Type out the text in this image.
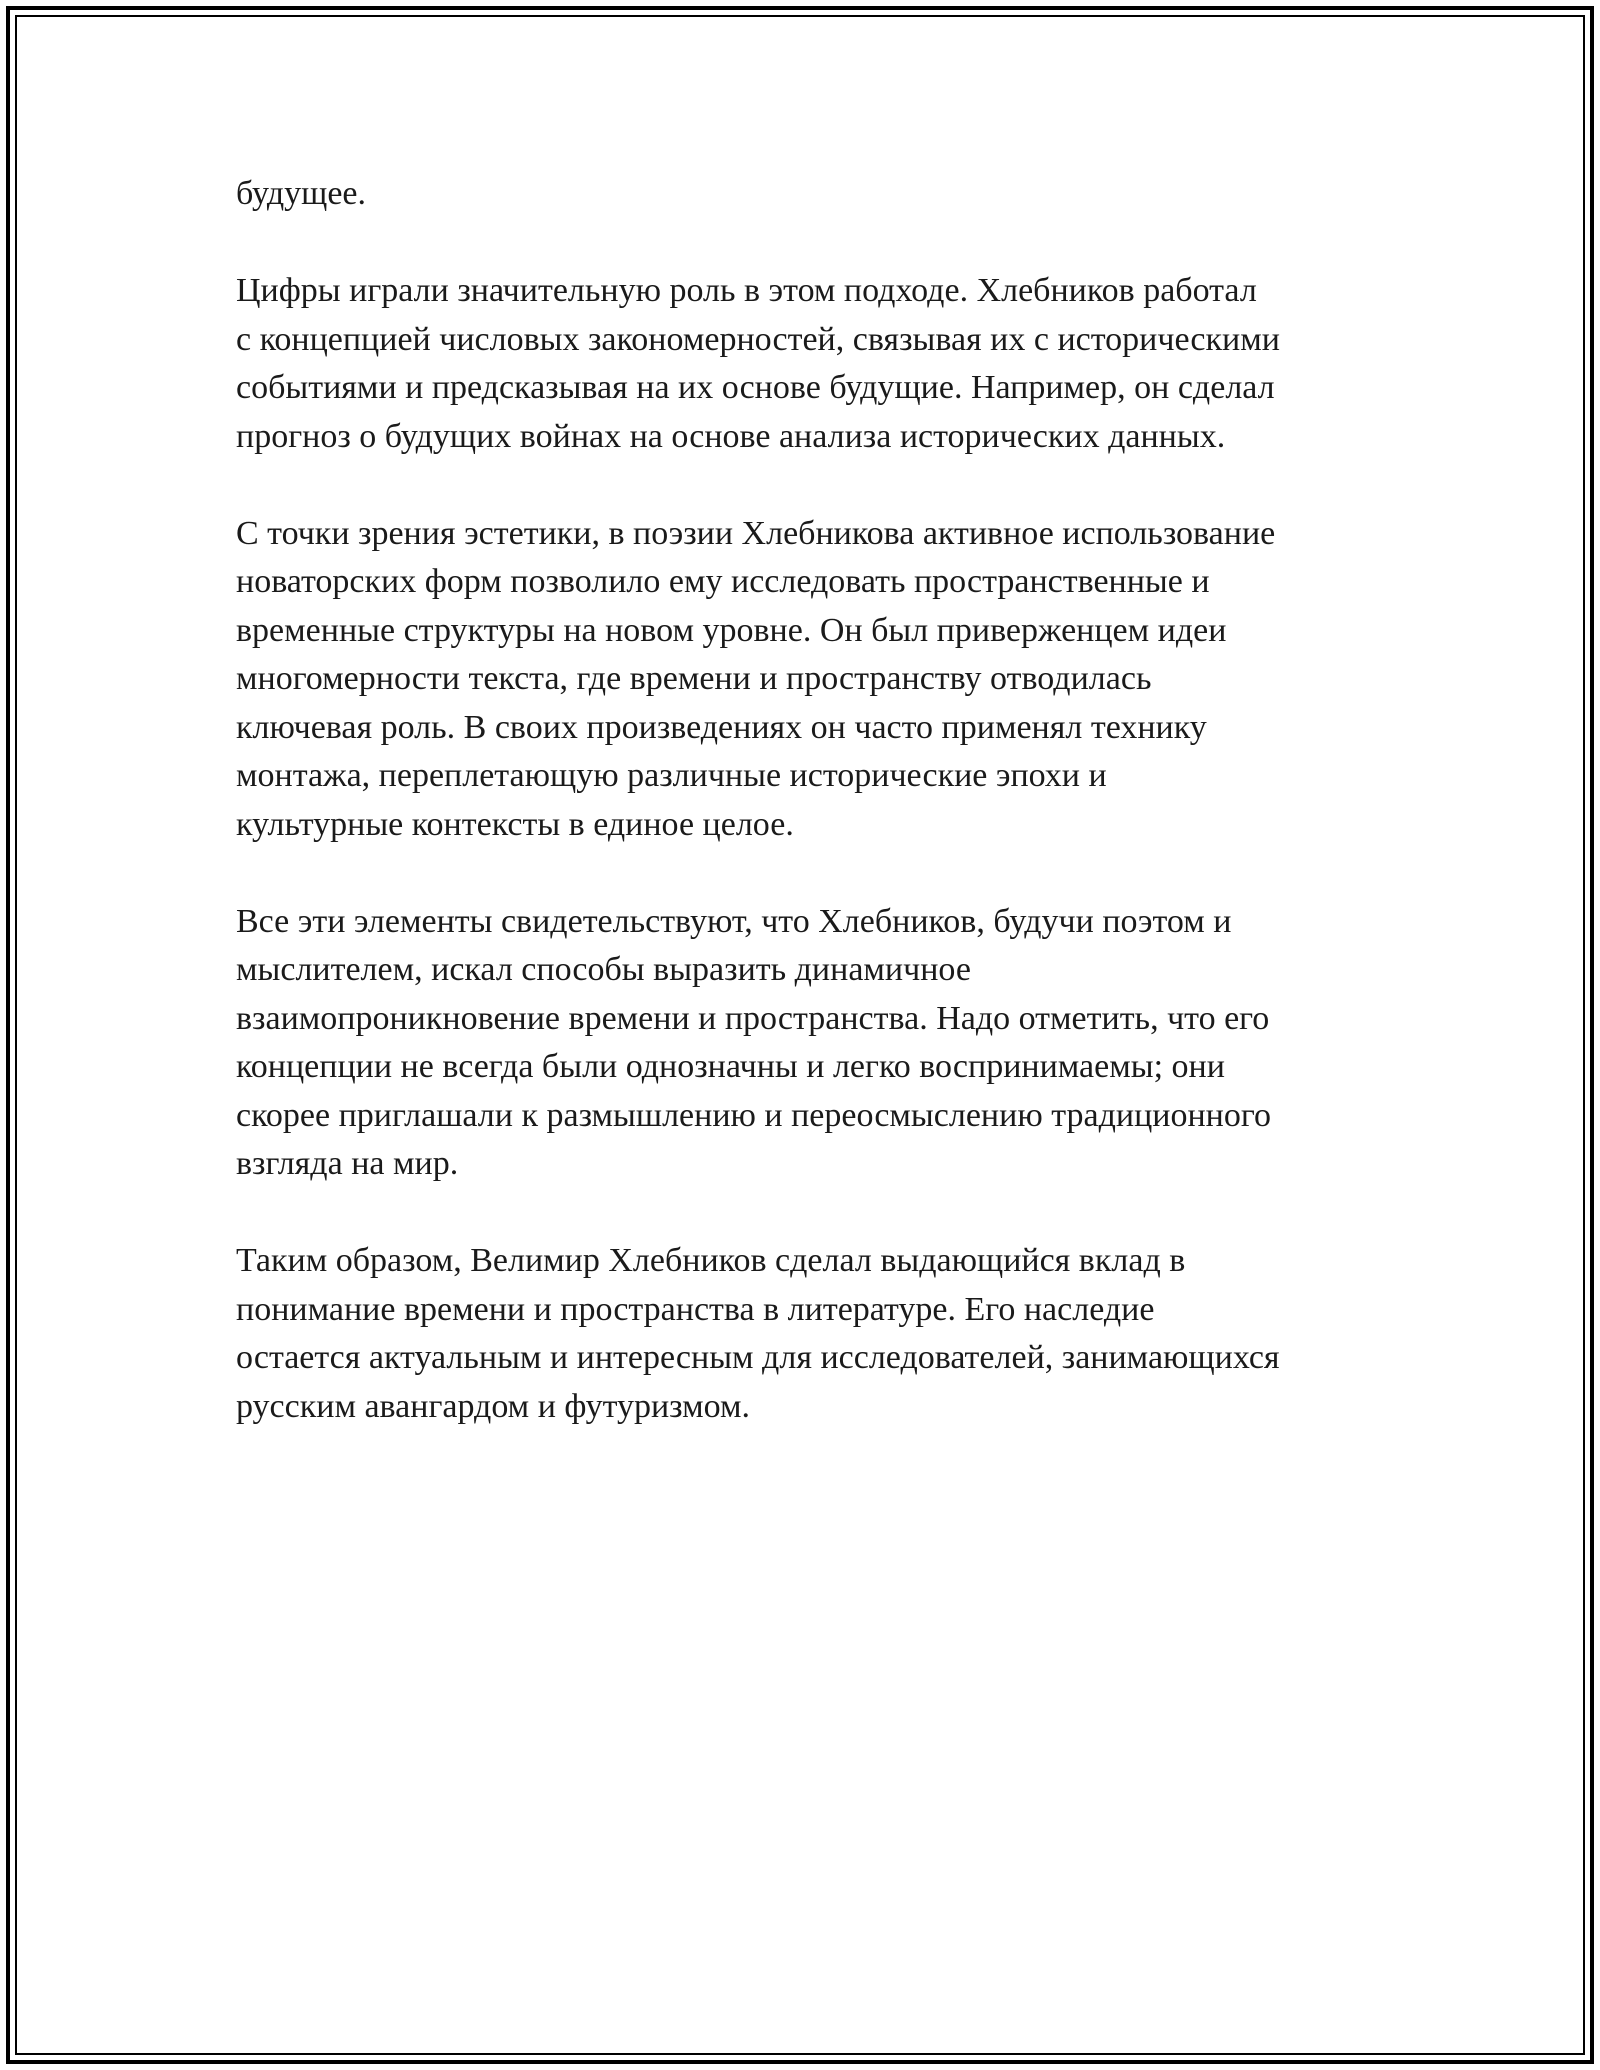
будущее.

Цифры играли значительную роль в этом подходе. Хлебников работал
с концепцией числовых закономерностей, связывая их с историческими
событиями и предсказывая на их основе будущие. Например, он сделал
прогноз о будущих войнах на основе анализа исторических данных.

С точки зрения эстетики, в поэзии Хлебникова активное использование
новаторских форм позволило ему исследовать пространственные и
временные структуры на новом уровне. Он был приверженцем идеи
многомерности текста, где времени и пространству отводилась
ключевая роль. В своих произведениях он часто применял технику
монтажа, переплетающую различные исторические эпохи и
культурные контексты в единое целое.

Все эти элементы свидетельствуют, что Хлебников, будучи поэтом и
мыслителем, искал способы выразить динамичное
взаимопроникновение времени и пространства. Надо отметить, что его
концепции не всегда были однозначны и легко воспринимаемы; они
скорее приглашали к размышлению и переосмыслению традиционного
взгляда на мир.

Таким образом, Велимир Хлебников сделал выдающийся вклад в
понимание времени и пространства в литературе. Его наследие
остается актуальным и интересным для исследователей, занимающихся
русским авангардом и футуризмом.
